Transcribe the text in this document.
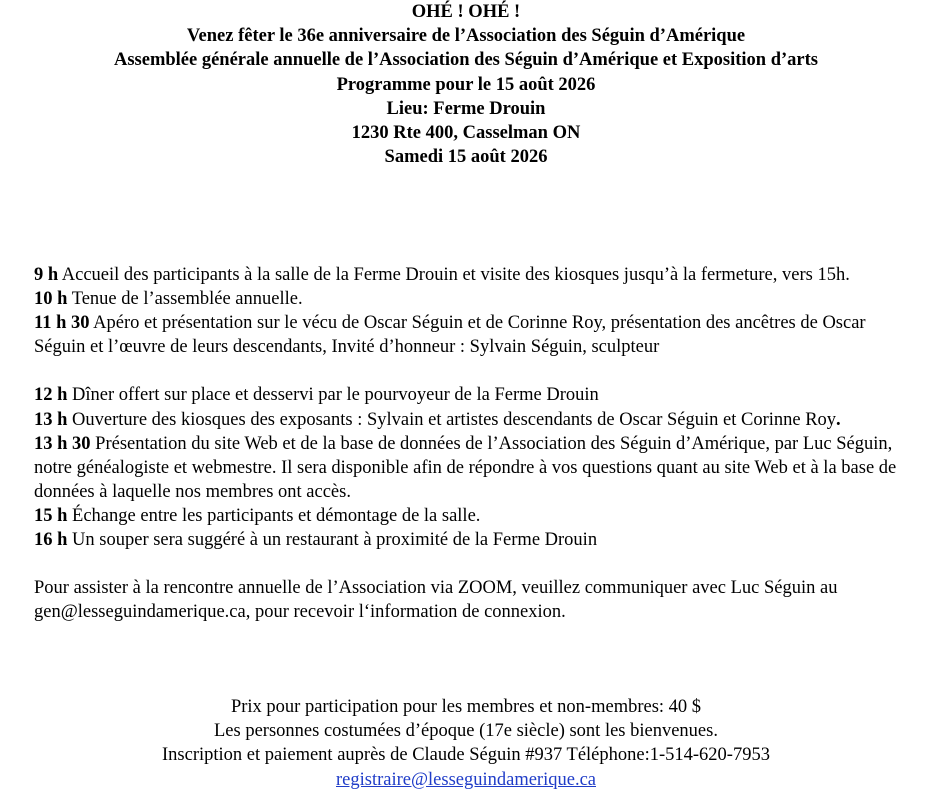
OHÉ ! OHÉ !
Venez fêter le 36e anniversaire de l’Association des Séguin d’Amérique
Assemblée générale annuelle de l’Association des Séguin d’Amérique et Exposition d’arts
Programme pour le 15 août 2026
Lieu: Ferme Drouin
1230 Rte 400, Casselman ON
Samedi 15 août 2026

9 h Accueil des participants à la salle de la Ferme Drouin et visite des kiosques jusqu’à la fermeture, vers 15h.

10 h Tenue de l’assemblée annuelle.

11 h 30 Apéro et présentation sur le vécu de Oscar Séguin et de Corinne Roy, présentation des ancêtres de Oscar Séguin et l’œuvre de leurs descendants, Invité d’honneur : Sylvain Séguin, sculpteur

12 h Dîner offert sur place et desservi par le pourvoyeur de la Ferme Drouin

13 h Ouverture des kiosques des exposants : Sylvain et artistes descendants de Oscar Séguin et Corinne Roy.

13 h 30 Présentation du site Web et de la base de données de l’Association des Séguin d’Amérique, par Luc Séguin, notre généalogiste et webmestre. Il sera disponible afin de répondre à vos questions quant au site Web et à la base de données à laquelle nos membres ont accès.

15 h Échange entre les participants et démontage de la salle.

16 h Un souper sera suggéré à un restaurant à proximité de la Ferme Drouin

Pour assister à la rencontre annuelle de l’Association via ZOOM, veuillez communiquer avec Luc Séguin au gen@lesseguindamerique.ca, pour recevoir l‘information de connexion.

Prix pour participation pour les membres et non-membres: 40 $
Les personnes costumées d’époque (17e siècle) sont les bienvenues.
Inscription et paiement auprès de Claude Séguin #937 Téléphone:1-514-620-7953
registraire@lesseguindamerique.ca
